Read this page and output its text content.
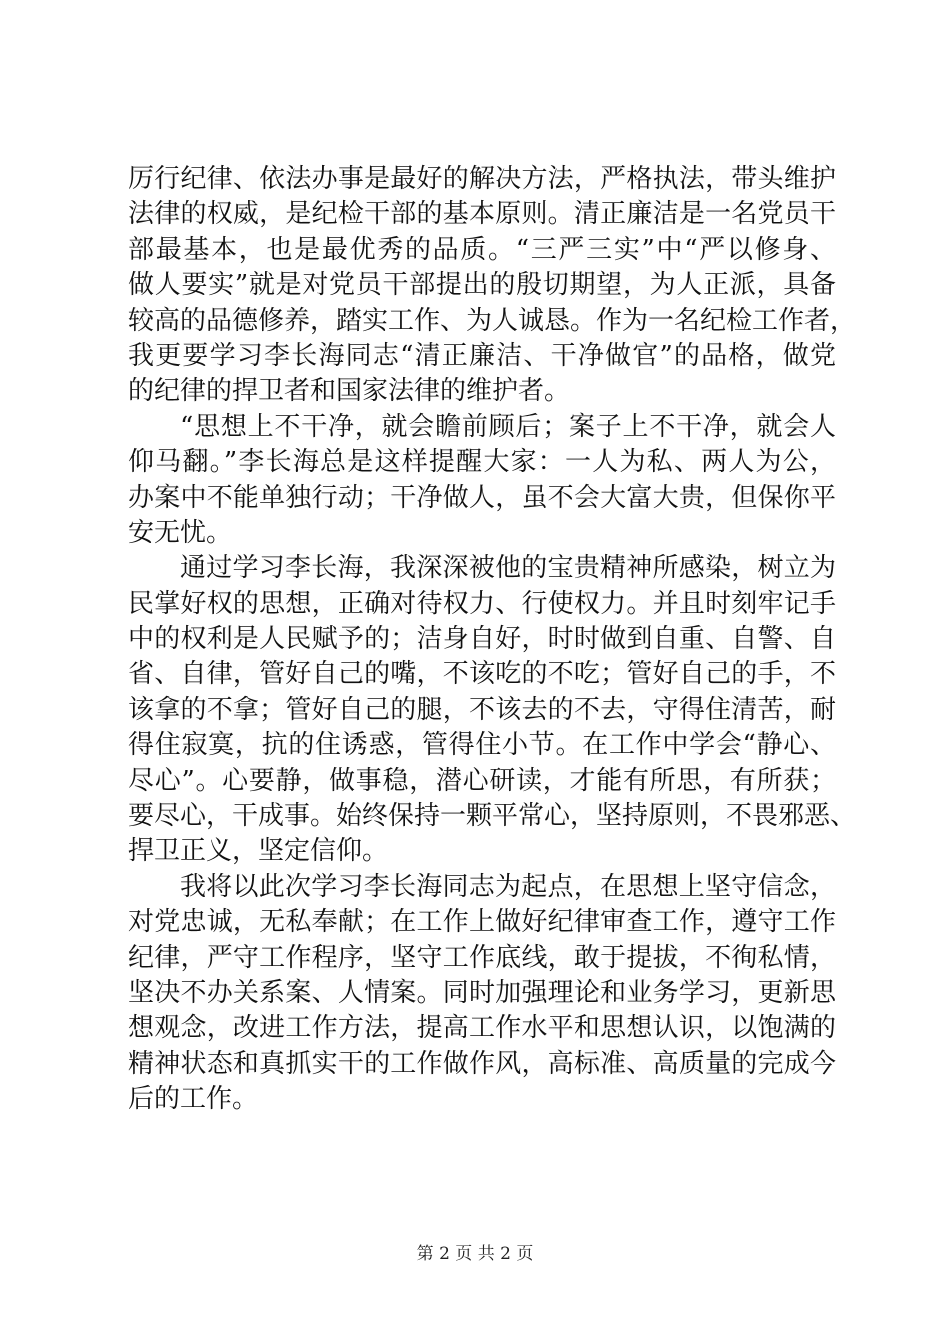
厉行纪律、依法办事是最好的解决方法，严格执法，带头维护
法律的权威，是纪检干部的基本原则。清正廉洁是一名党员干
部最基本，也是最优秀的品质。“三严三实”中“严以修身、
做人要实”就是对党员干部提出的殷切期望，为人正派，具备
较高的品德修养，踏实工作、为人诚恳。作为一名纪检工作者，
我更要学习李长海同志“清正廉洁、干净做官”的品格，做党
的纪律的捍卫者和国家法律的维护者。

“思想上不干净，就会瞻前顾后；案子上不干净，就会人
仰马翻。”李长海总是这样提醒大家：一人为私、两人为公，
办案中不能单独行动；干净做人，虽不会大富大贵，但保你平
安无忧。

通过学习李长海，我深深被他的宝贵精神所感染，树立为
民掌好权的思想，正确对待权力、行使权力。并且时刻牢记手
中的权利是人民赋予的；洁身自好，时时做到自重、自警、自
省、自律，管好自己的嘴，不该吃的不吃；管好自己的手，不
该拿的不拿；管好自己的腿，不该去的不去，守得住清苦，耐
得住寂寞，抗的住诱惑，管得住小节。在工作中学会“静心、
尽心”。心要静，做事稳，潜心研读，才能有所思，有所获；
要尽心，干成事。始终保持一颗平常心，坚持原则，不畏邪恶、
捍卫正义，坚定信仰。

我将以此次学习李长海同志为起点，在思想上坚守信念，
对党忠诚，无私奉献；在工作上做好纪律审查工作，遵守工作
纪律，严守工作程序，坚守工作底线，敢于提拔，不徇私情，
坚决不办关系案、人情案。同时加强理论和业务学习，更新思
想观念，改进工作方法，提高工作水平和思想认识，以饱满的
精神状态和真抓实干的工作做作风，高标准、高质量的完成今
后的工作。

第 2 页 共 2 页
